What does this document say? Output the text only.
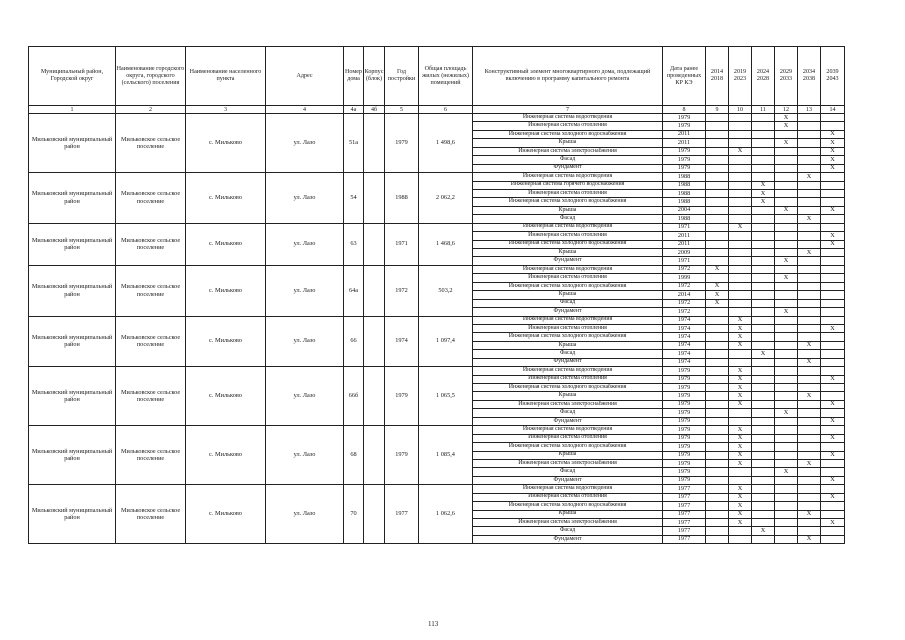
Муниципальный район, Городской округ	Наименование городского округа, городского (сельского) поселения	Наименование населенного пункта	Адрес	Номер дома	Корпус (блок)	Год постройки	Общая площадь жилых (нежилых) помещений	Конструктивный элемент многоквартирного дома, подлежащий включению в программу капитального ремонта	Дата ранее проведенных КР КЭ	2014 2018	2019 2023	2024 2028	2029 2033	2034 2038	2039 2043
1	2	3	4	4а	4б	5	6	7	8	9	10	11	12	13	14
Мильковский муниципальный район	Мильковское сельское поселение	с. Мильково	ул. Лазо	51а		1979	1 498,6	Инженерная система водоотведения	1979				X		
								Инженерная система отопления	1979				X		
								Инженерная система холодного водоснабжения	2011						X
								Крыша	2011				X		X
								Инженерная система электроснабжения	1979		X				X
								Фасад	1979						X
								Фундамент	1979						X
Мильковский муниципальный район	Мильковское сельское поселение	с. Мильково	ул. Лазо	54		1988	2 062,2	Инженерная система водоотведения	1988					X	
								Инженерная система горячего водоснабжения	1988			X			
								Инженерная система отопления	1988			X			
								Инженерная система холодного водоснабжения	1988			X			
								Крыша	2004				X		X
								Фасад	1988					X	
Мильковский муниципальный район	Мильковское сельское поселение	с. Мильково	ул. Лазо	63		1971	1 468,6	Инженерная система водоотведения	1971		X				
								Инженерная система отопления	2011						X
								Инженерная система холодного водоснабжения	2011						X
								Крыша	2009					X	
								Фундамент	1971				X		
Мильковский муниципальный район	Мильковское сельское поселение	с. Мильково	ул. Лазо	64а		1972	503,2	Инженерная система водоотведения	1972	X					
								Инженерная система отопления	1999				X		
								Инженерная система холодного водоснабжения	1972	X					
								Крыша	2014	X					
								Фасад	1972	X					
								Фундамент	1972				X		
Мильковский муниципальный район	Мильковское сельское поселение	с. Мильково	ул. Лазо	66		1974	1 097,4	Инженерная система водоотведения	1974		X				
								Инженерная система отопления	1974		X				X
								Инженерная система холодного водоснабжения	1974		X				
								Крыша	1974		X			X	
								Фасад	1974			X			
								Фундамент	1974					X	
Мильковский муниципальный район	Мильковское сельское поселение	с. Мильково	ул. Лазо	66б		1979	1 065,5	Инженерная система водоотведения	1979		X				
								Инженерная система отопления	1979		X				X
								Инженерная система холодного водоснабжения	1979		X				
								Крыша	1979		X			X	
								Инженерная система электроснабжения	1979		X				X
								Фасад	1979				X		
								Фундамент	1979						X
Мильковский муниципальный район	Мильковское сельское поселение	с. Мильково	ул. Лазо	68		1979	1 085,4	Инженерная система водоотведения	1979		X				
								Инженерная система отопления	1979		X				X
								Инженерная система холодного водоснабжения	1979		X				
								Крыша	1979		X				X
								Инженерная система электроснабжения	1979		X			X	
								Фасад	1979				X		
								Фундамент	1979						X
Мильковский муниципальный район	Мильковское сельское поселение	с. Мильково	ул. Лазо	70		1977	1 062,6	Инженерная система водоотведения	1977		X				
								Инженерная система отопления	1977		X				X
								Инженерная система холодного водоснабжения	1977		X				
								Крыша	1977		X			X	
								Инженерная система электроснабжения	1977		X				X
								Фасад	1977			X			
								Фундамент	1977					X	
113
